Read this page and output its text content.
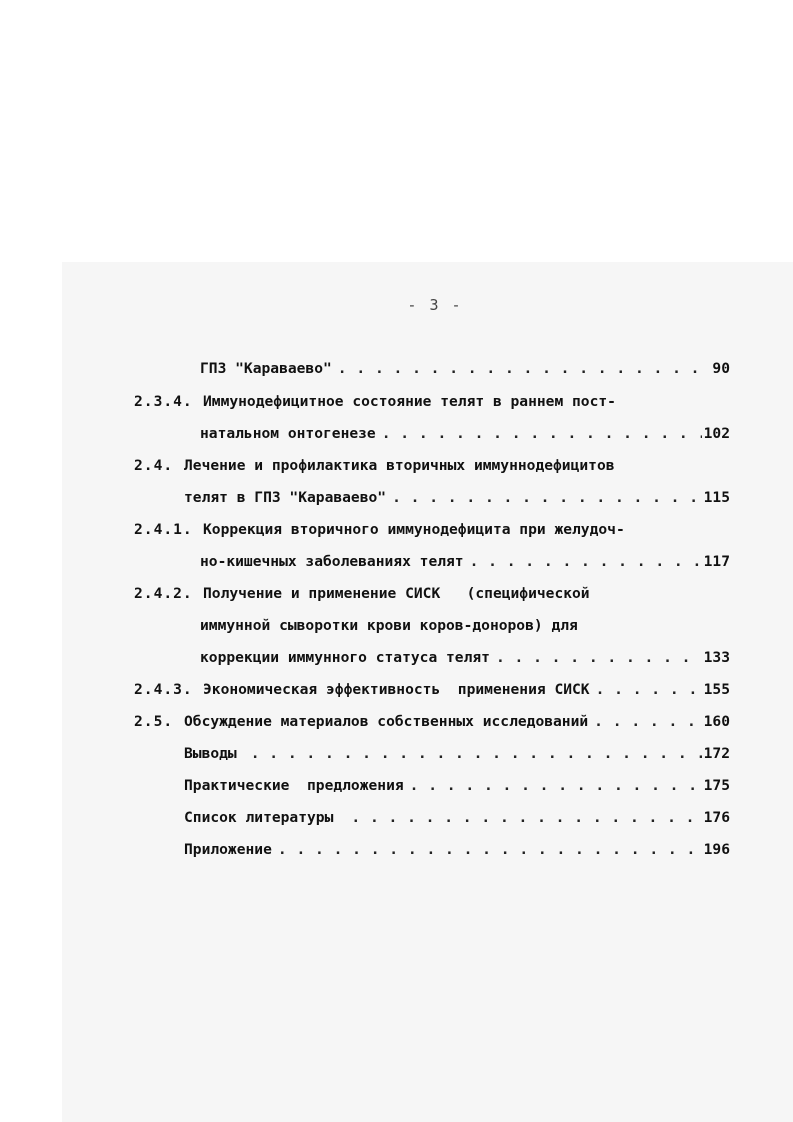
- 3 -
ГПЗ "Караваево" . . .	90
2.3.4. Иммунодефицитное состояние телят в раннем пост-
натальном онтогенезе . . .	102
2.4. Лечение и профилактика вторичных иммуннодефицитов
телят в ГПЗ "Караваево" . . .	115
2.4.1. Коррекция вторичного иммунодефицита при желудоч-
но-кишечных заболеваниях телят . . .	117
2.4.2. Получение и применение СИСК   (специфической
иммунной сыворотки крови коров-доноров) для
коррекции иммунного статуса телят . . .	133
2.4.3. Экономическая эффективность  применения СИСК . . .	155
2.5. Обсуждение материалов собственных исследований . . .	160
Выводы . . .	172
Практические  предложения . . .	175
Список литературы . . .	176
Приложение . . .	196
